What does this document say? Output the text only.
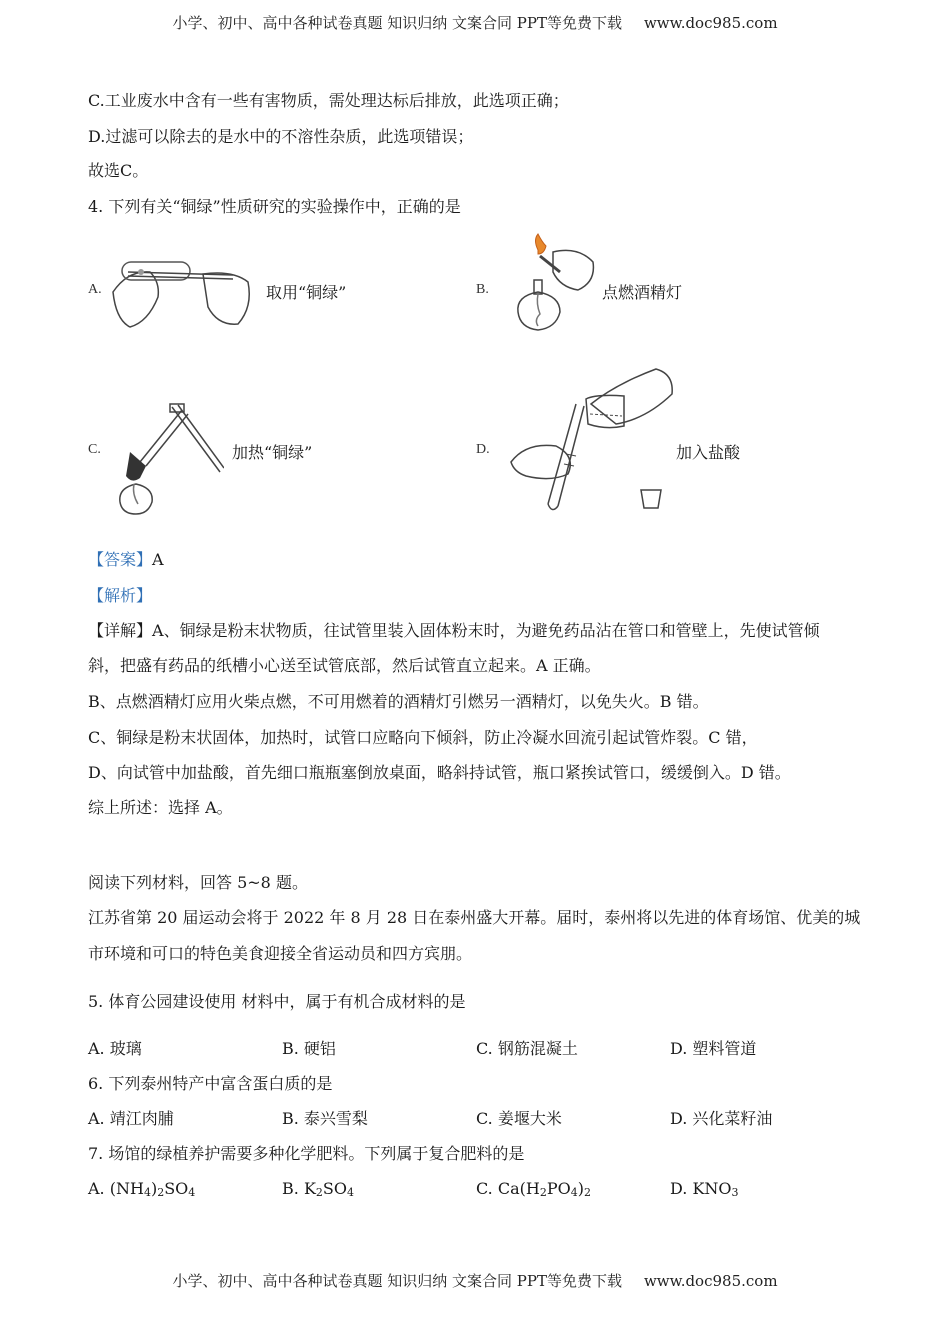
小学、初中、高中各种试卷真题 知识归纳 文案合同 PPT等免费下载 www.doc985.com
C.工业废水中含有一些有害物质，需处理达标后排放，此选项正确；
D.过滤可以除去的是水中的不溶性杂质，此选项错误；
故选C。
4. 下列有关“铜绿”性质研究的实验操作中，正确的是
A.	取用“铜绿”	B.	点燃酒精灯
C.	加热“铜绿”	D.	加入盐酸
【答案】A
【解析】
【详解】A、铜绿是粉末状物质，往试管里装入固体粉末时，为避免药品沾在管口和管壁上，先使试管倾
斜，把盛有药品的纸槽小心送至试管底部，然后试管直立起来。A 正确。
B、点燃酒精灯应用火柴点燃，不可用燃着的酒精灯引燃另一酒精灯，以免失火。B 错。
C、铜绿是粉末状固体，加热时，试管口应略向下倾斜，防止冷凝水回流引起试管炸裂。C 错，
D、向试管中加盐酸，首先细口瓶瓶塞倒放桌面，略斜持试管，瓶口紧挨试管口，缓缓倒入。D 错。
综上所述：选择 A。
阅读下列材料，回答 5~8 题。
江苏省第 20 届运动会将于 2022 年 8 月 28 日在泰州盛大开幕。届时，泰州将以先进的体育场馆、优美的城
市环境和可口的特色美食迎接全省运动员和四方宾朋。
5. 体育公园建设使用 材料中，属于有机合成材料的是
A. 玻璃	B. 硬铝	C. 钢筋混凝土	D. 塑料管道
6. 下列泰州特产中富含蛋白质的是
A. 靖江肉脯	B. 泰兴雪梨	C. 姜堰大米	D. 兴化菜籽油
7. 场馆的绿植养护需要多种化学肥料。下列属于复合肥料的是
A. $(NH_4)_2SO_4$	B. $K_2SO_4$	C. $Ca(H_2PO_4)_2$	D. $KNO_3$
小学、初中、高中各种试卷真题 知识归纳 文案合同 PPT等免费下载 www.doc985.com
